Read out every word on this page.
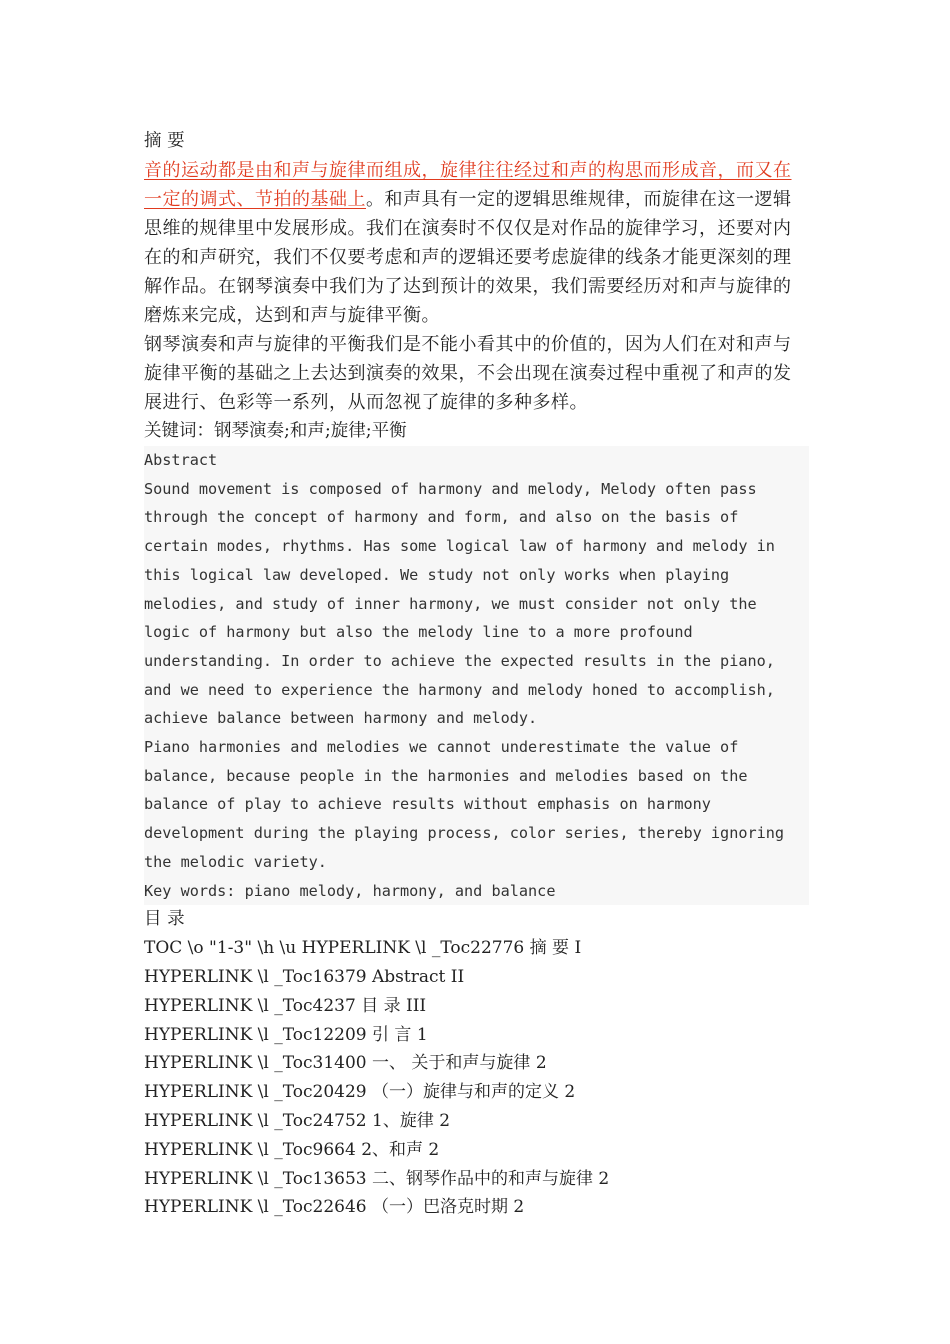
摘 要
音的运动都是由和声与旋律而组成，旋律往往经过和声的构思而形成音，而又在一定的调式、节拍的基础上。和声具有一定的逻辑思维规律，而旋律在这一逻辑思维的规律里中发展形成。我们在演奏时不仅仅是对作品的旋律学习，还要对内在的和声研究，我们不仅要考虑和声的逻辑还要考虑旋律的线条才能更深刻的理解作品。在钢琴演奏中我们为了达到预计的效果，我们需要经历对和声与旋律的磨炼来完成，达到和声与旋律平衡。
钢琴演奏和声与旋律的平衡我们是不能小看其中的价值的，因为人们在对和声与旋律平衡的基础之上去达到演奏的效果，不会出现在演奏过程中重视了和声的发展进行、色彩等一系列，从而忽视了旋律的多种多样。
关键词：钢琴演奏;和声;旋律;平衡
Abstract
Sound movement is composed of harmony and melody, Melody often pass through the concept of harmony and form, and also on the basis of certain modes, rhythms. Has some logical law of harmony and melody in this logical law developed. We study not only works when playing melodies, and study of inner harmony, we must consider not only the logic of harmony but also the melody line to a more profound understanding. In order to achieve the expected results in the piano, and we need to experience the harmony and melody honed to accomplish, achieve balance between harmony and melody.
Piano harmonies and melodies we cannot underestimate the value of balance, because people in the harmonies and melodies based on the balance of play to achieve results without emphasis on harmony development during the playing process, color series, thereby ignoring the melodic variety.
Key words: piano melody, harmony, and balance
目 录
TOC \o "1-3" \h \u HYPERLINK \l _Toc22776 摘 要 I
HYPERLINK \l _Toc16379 Abstract II
HYPERLINK \l _Toc4237 目 录 III
HYPERLINK \l _Toc12209 引 言 1
HYPERLINK \l _Toc31400 一、 关于和声与旋律 2
HYPERLINK \l _Toc20429 （一）旋律与和声的定义 2
HYPERLINK \l _Toc24752 1、旋律 2
HYPERLINK \l _Toc9664 2、和声 2
HYPERLINK \l _Toc13653 二、钢琴作品中的和声与旋律 2
HYPERLINK \l _Toc22646 （一）巴洛克时期 2
